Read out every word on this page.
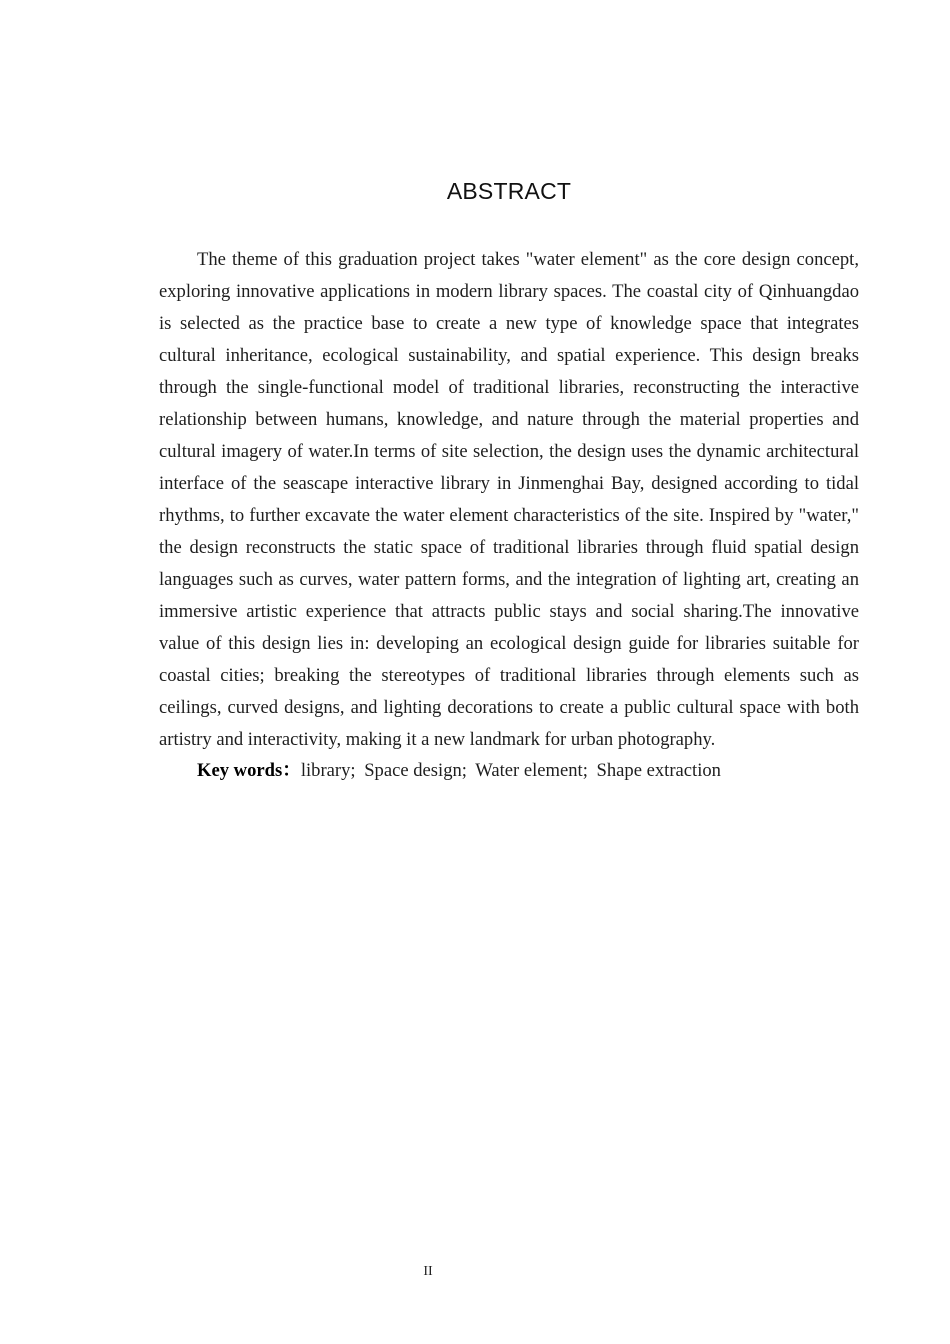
ABSTRACT

The theme of this graduation project takes "water element" as the core design concept, exploring innovative applications in modern library spaces. The coastal city of Qinhuangdao is selected as the practice base to create a new type of knowledge space that integrates cultural inheritance, ecological sustainability, and spatial experience. This design breaks through the single-functional model of traditional libraries, reconstructing the interactive relationship between humans, knowledge, and nature through the material properties and cultural imagery of water.In terms of site selection, the design uses the dynamic architectural interface of the seascape interactive library in Jinmenghai Bay, designed according to tidal rhythms, to further excavate the water element characteristics of the site. Inspired by "water," the design reconstructs the static space of traditional libraries through fluid spatial design languages such as curves, water pattern forms, and the integration of lighting art, creating an immersive artistic experience that attracts public stays and social sharing.The innovative value of this design lies in: developing an ecological design guide for libraries suitable for coastal cities; breaking the stereotypes of traditional libraries through elements such as ceilings, curved designs, and lighting decorations to create a public cultural space with both artistry and interactivity, making it a new landmark for urban photography.

Key words：library; Space design; Water element; Shape extraction

II
